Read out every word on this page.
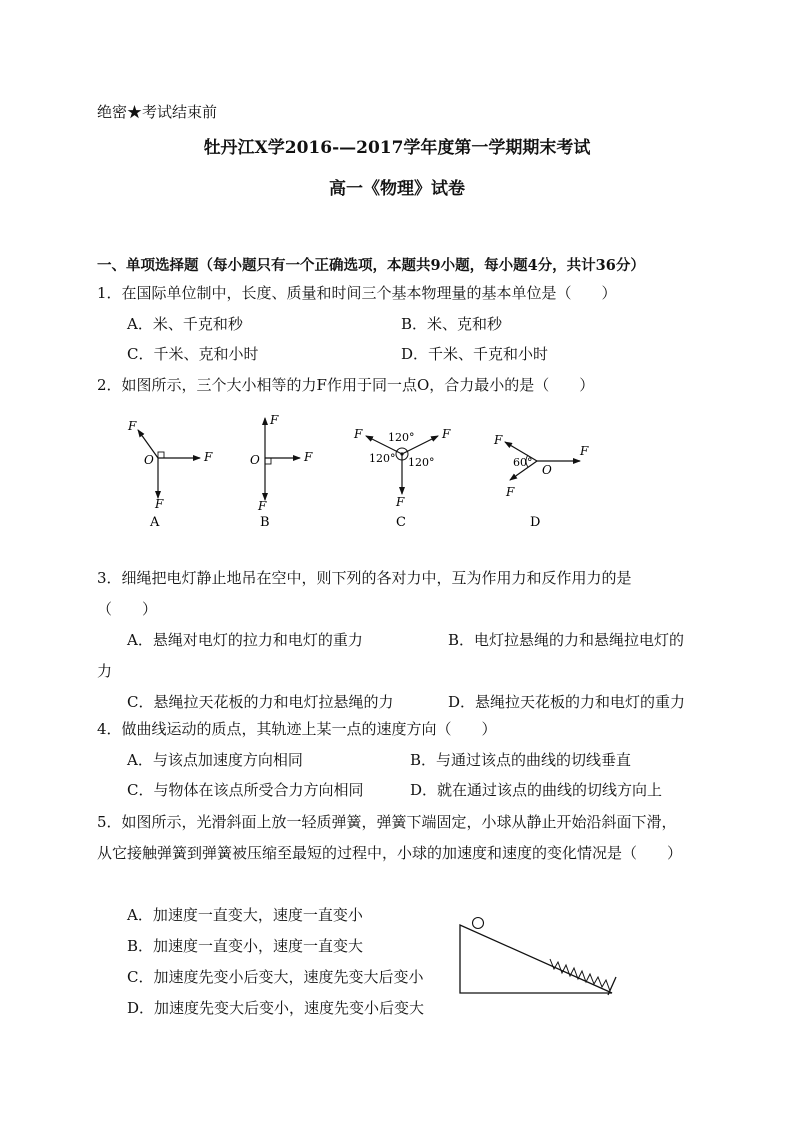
绝密★考试结束前
牡丹江X学2016-—2017学年度第一学期期末考试
高一《物理》试卷
一、单项选择题（每小题只有一个正确选项，本题共9小题，每小题4分，共计36分）
1．在国际单位制中，长度、质量和时间三个基本物理量的基本单位是（　　）
A．米、千克和秒	B．米、克和秒
C．千米、克和小时	D．千米、千克和小时
2．如图所示，三个大小相等的力F作用于同一点O，合力最小的是（　　）
F
F
F
O
A
F
F
F
O
B
F	F
F
120°
120° 120°
C
F
F
F
60°
O
D
3．细绳把电灯静止地吊在空中，则下列的各对力中，互为作用力和反作用力的是
（　　）
A．悬绳对电灯的拉力和电灯的重力	B．电灯拉悬绳的力和悬绳拉电灯的
力
C．悬绳拉天花板的力和电灯拉悬绳的力	D．悬绳拉天花板的力和电灯的重力
4．做曲线运动的质点，其轨迹上某一点的速度方向（　　）
A．与该点加速度方向相同	B．与通过该点的曲线的切线垂直
C．与物体在该点所受合力方向相同	D．就在通过该点的曲线的切线方向上
5．如图所示，光滑斜面上放一轻质弹簧，弹簧下端固定，小球从静止开始沿斜面下滑，
从它接触弹簧到弹簧被压缩至最短的过程中，小球的加速度和速度的变化情况是（　　）
A．加速度一直变大，速度一直变小
B．加速度一直变小，速度一直变大
C．加速度先变小后变大，速度先变大后变小
D．加速度先变大后变小，速度先变小后变大
